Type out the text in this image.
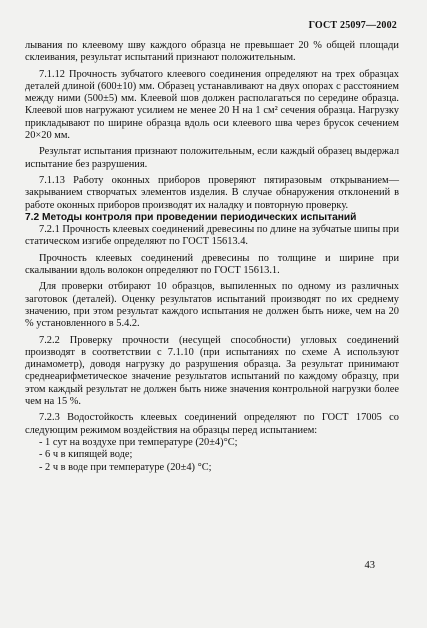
ГОСТ 25097—2002

лывания по клеевому шву каждого образца не превышает 20 % общей площади склеивания, результат испытаний признают положительным.

7.1.12 Прочность зубчатого клеевого соединения определяют на трех образцах деталей длиной (600±10) мм. Образец устанавливают на двух опорах с расстоянием между ними (500±5) мм. Клеевой шов должен располагаться по середине образца. Клеевой шов нагружают усилием не менее 20 Н на 1 см² сечения образца. Нагрузку прикладывают по ширине образца вдоль оси клеевого шва через брусок сечением 20×20 мм.

Результат испытания признают положительным, если каждый образец выдержал испытание без разрушения.

7.1.13 Работу оконных приборов проверяют пятиразовым открыванием—закрыванием створчатых элементов изделия. В случае обнаружения отклонений в работе оконных приборов производят их наладку и повторную проверку.

7.2 Методы контроля при проведении периодических испытаний

7.2.1 Прочность клеевых соединений древесины по длине на зубчатые шипы при статическом изгибе определяют по ГОСТ 15613.4.

Прочность клеевых соединений древесины по толщине и ширине при скалывании вдоль волокон определяют по ГОСТ 15613.1.

Для проверки отбирают 10 образцов, выпиленных по одному из различных заготовок (деталей). Оценку результатов испытаний производят по их среднему значению, при этом результат каждого испытания не должен быть ниже, чем на 20 % установленного в 5.4.2.

7.2.2 Проверку прочности (несущей способности) угловых соединений производят в соответствии с 7.1.10 (при испытаниях по схеме А используют динамометр), доводя нагрузку до разрушения образца. За результат принимают среднеарифметическое значение результатов испытаний по каждому образцу, при этом каждый результат не должен быть ниже значения контрольной нагрузки более чем на 15 %.

7.2.3 Водостойкость клеевых соединений определяют по ГОСТ 17005 со следующим режимом воздействия на образцы перед испытанием:

- 1 сут на воздухе при температуре (20±4)°С;

- 6 ч в кипящей воде;

- 2 ч в воде при температуре (20±4) °С;

43
